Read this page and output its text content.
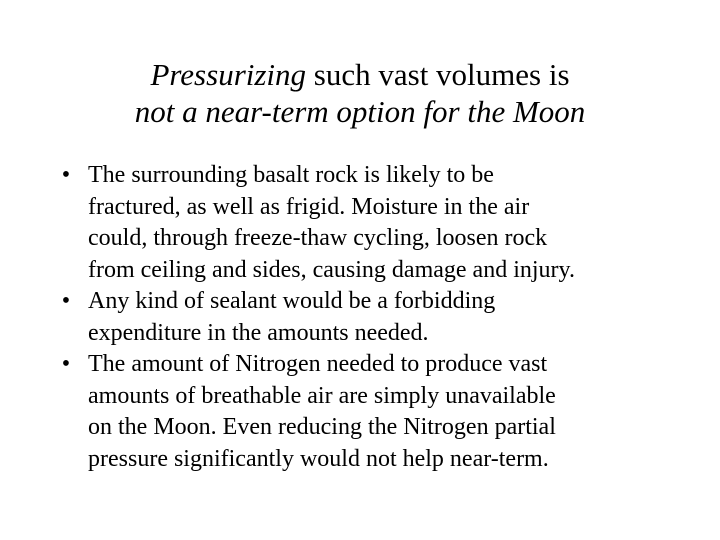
Pressurizing such vast volumes is
not a near-term option for the Moon
• The surrounding basalt rock is likely to be
fractured, as well as frigid. Moisture in the air
could, through freeze-thaw cycling, loosen rock
from ceiling and sides, causing damage and injury.
• Any kind of sealant would be a forbidding
expenditure in the amounts needed.
• The amount of Nitrogen needed to produce vast
amounts of breathable air are simply unavailable
on the Moon. Even reducing the Nitrogen partial
pressure significantly would not help near-term.
